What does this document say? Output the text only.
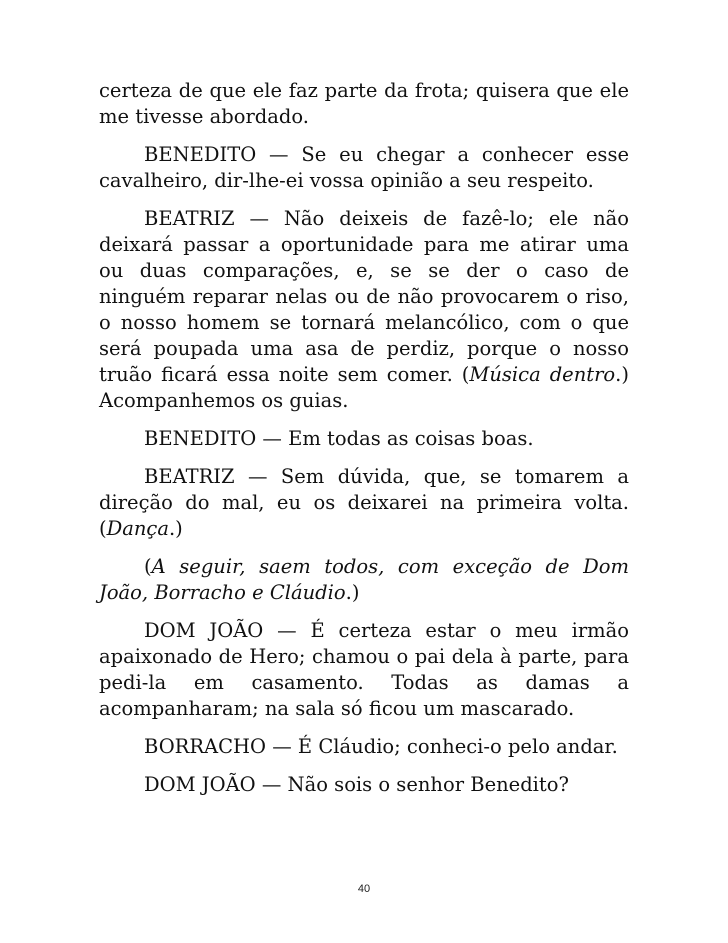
certeza de que ele faz parte da frota; quisera que ele me tivesse abordado.

BENEDITO — Se eu chegar a conhecer esse cavalheiro, dir-lhe-ei vossa opinião a seu respeito.

BEATRIZ — Não deixeis de fazê-lo; ele não deixará passar a oportunidade para me atirar uma ou duas comparações, e, se se der o caso de ninguém reparar nelas ou de não provocarem o riso, o nosso homem se tornará melancólico, com o que será poupada uma asa de perdiz, porque o nosso truão ficará essa noite sem comer. (Música dentro.) Acompanhemos os guias.

BENEDITO — Em todas as coisas boas.

BEATRIZ — Sem dúvida, que, se tomarem a direção do mal, eu os deixarei na primeira volta. (Dança.)

(A seguir, saem todos, com exceção de Dom João, Borracho e Cláudio.)

DOM JOÃO — É certeza estar o meu irmão apaixonado de Hero; chamou o pai dela à parte, para pedi-la em casamento. Todas as damas a acompanharam; na sala só ficou um mascarado.

BORRACHO — É Cláudio; conheci-o pelo andar.

DOM JOÃO — Não sois o senhor Benedito?

40
